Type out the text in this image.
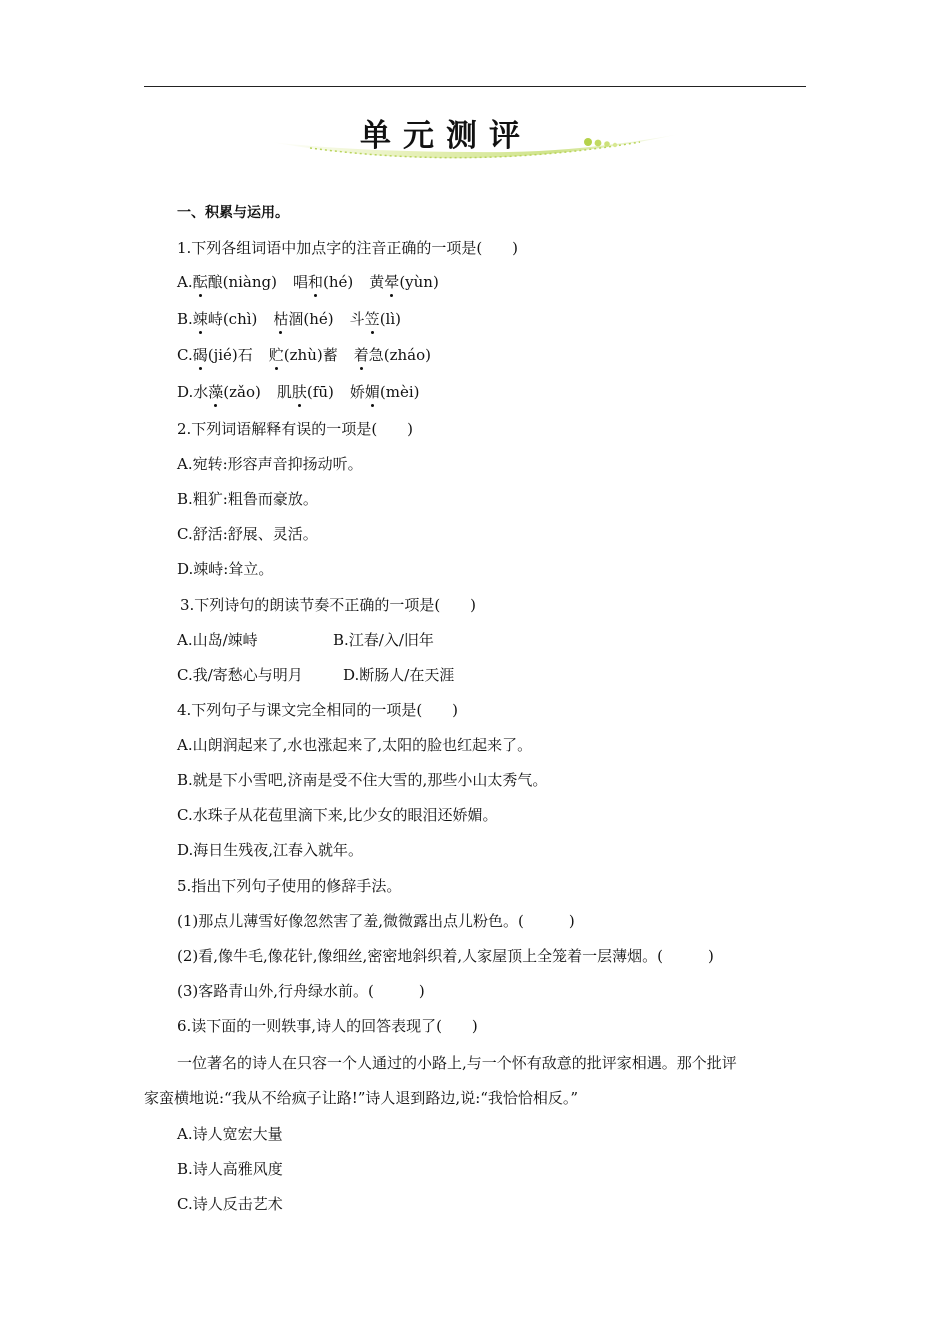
单元测评
一、积累与运用。
1.下列各组词语中加点字的注音正确的一项是(　　)
A.酝酿(niàng) 唱和(hé) 黄晕(yùn)
B.竦峙(chì) 枯涸(hé) 斗笠(lì)
C.碣(jié)石 贮(zhù)蓄 着急(zháo)
D.水藻(zǎo) 肌肤(fū) 娇媚(mèi)
2.下列词语解释有误的一项是(　　)
A.宛转:形容声音抑扬动听。
B.粗犷:粗鲁而豪放。
C.舒活:舒展、灵活。
D.竦峙:耸立。
3.下列诗句的朗读节奏不正确的一项是(　　)
A.山岛/竦峙	B.江春/入/旧年
C.我/寄愁心与明月	D.断肠人/在天涯
4.下列句子与课文完全相同的一项是(　　)
A.山朗润起来了,水也涨起来了,太阳的脸也红起来了。
B.就是下小雪吧,济南是受不住大雪的,那些小山太秀气。
C.水珠子从花苞里滴下来,比少女的眼泪还娇媚。
D.海日生残夜,江春入就年。
5.指出下列句子使用的修辞手法。
(1)那点儿薄雪好像忽然害了羞,微微露出点儿粉色。(　　　)
(2)看,像牛毛,像花针,像细丝,密密地斜织着,人家屋顶上全笼着一层薄烟。(　　　)
(3)客路青山外,行舟绿水前。(　　　)
6.读下面的一则轶事,诗人的回答表现了(　　)
一位著名的诗人在只容一个人通过的小路上,与一个怀有敌意的批评家相遇。那个批评
家蛮横地说:“我从不给疯子让路!”诗人退到路边,说:“我恰恰相反。”
A.诗人宽宏大量
B.诗人高雅风度
C.诗人反击艺术
